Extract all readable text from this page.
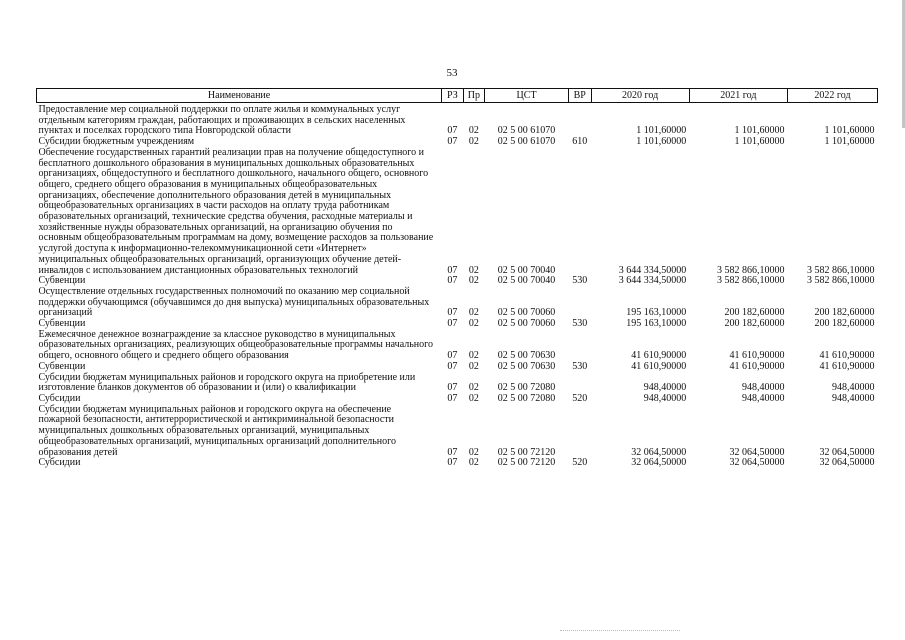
53
Наименование	РЗ	Пр	ЦСТ	ВР	2020 год	2021 год	2022 год
Предоставление мер социальной поддержки по оплате жилья и коммунальных услуг отдельным категориям граждан, работающих и проживающих в сельских населенных пунктах и поселках городского типа Новгородской области	07	02	02 5 00 61070		1 101,60000	1 101,60000	1 101,60000
Субсидии бюджетным учреждениям	07	02	02 5 00 61070	610	1 101,60000	1 101,60000	1 101,60000
Обеспечение государственных гарантий реализации прав на получение общедоступного и бесплатного дошкольного образования в муниципальных дошкольных образовательных организациях, общедоступного и бесплатного дошкольного, начального общего, основного общего, среднего общего образования в муниципальных общеобразовательных организациях, обеспечение дополнительного образования детей в муниципальных общеобразовательных организациях в части расходов на оплату труда работникам образовательных организаций, технические средства обучения, расходные материалы и хозяйственные нужды образовательных организаций, на организацию обучения по основным общеобразовательным программам на дому, возмещение расходов за пользование услугой доступа к информационно-телекоммуникационной сети «Интернет» муниципальных общеобразовательных организаций, организующих обучение детей-инвалидов с использованием дистанционных образовательных технологий	07	02	02 5 00 70040		3 644 334,50000	3 582 866,10000	3 582 866,10000
Субвенции	07	02	02 5 00 70040	530	3 644 334,50000	3 582 866,10000	3 582 866,10000
Осуществление отдельных государственных полномочий по оказанию мер социальной поддержки обучающимся (обучавшимся до дня выпуска) муниципальных образовательных организаций	07	02	02 5 00 70060		195 163,10000	200 182,60000	200 182,60000
Субвенции	07	02	02 5 00 70060	530	195 163,10000	200 182,60000	200 182,60000
Ежемесячное денежное вознаграждение за классное руководство в муниципальных образовательных организациях, реализующих общеобразовательные программы начального общего, основного общего и среднего общего образования	07	02	02 5 00 70630		41 610,90000	41 610,90000	41 610,90000
Субвенции	07	02	02 5 00 70630	530	41 610,90000	41 610,90000	41 610,90000
Субсидии бюджетам муниципальных районов и городского округа на приобретение или изготовление бланков документов об образовании и (или) о квалификации	07	02	02 5 00 72080		948,40000	948,40000	948,40000
Субсидии	07	02	02 5 00 72080	520	948,40000	948,40000	948,40000
Субсидии бюджетам муниципальных районов и городского округа на обеспечение пожарной безопасности, антитеррористической и антикриминальной безопасности муниципальных дошкольных образовательных организаций, муниципальных общеобразовательных организаций, муниципальных организаций дополнительного образования детей	07	02	02 5 00 72120		32 064,50000	32 064,50000	32 064,50000
Субсидии	07	02	02 5 00 72120	520	32 064,50000	32 064,50000	32 064,50000
